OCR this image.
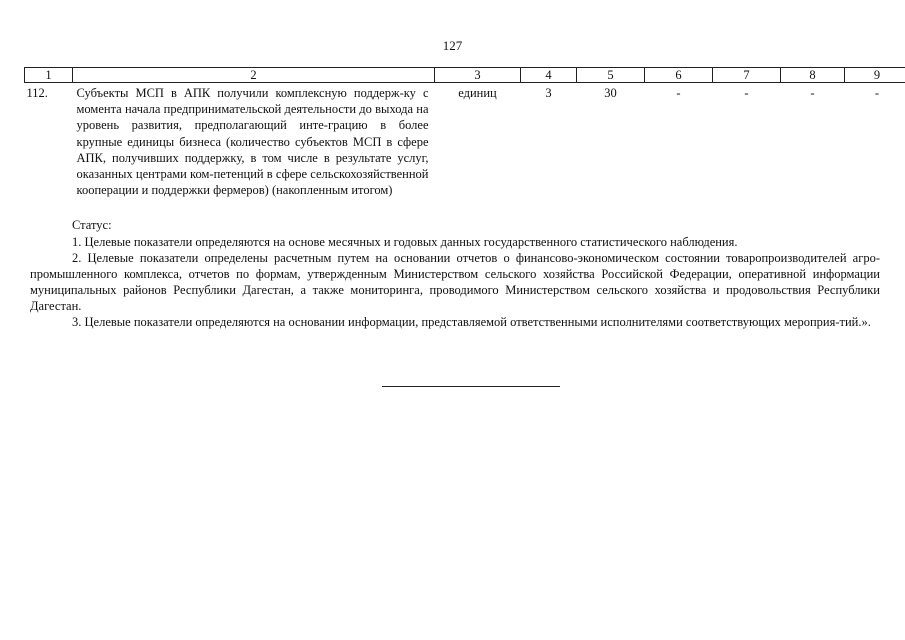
127
1	2	3	4	5	6	7	8	9
112.	Субъекты МСП в АПК получили комплексную поддерж-ку с момента начала предпринимательской деятельности до выхода на уровень развития, предполагающий инте-грацию в более крупные единицы бизнеса (количество субъектов МСП в сфере АПК, получивших поддержку, в том числе в результате услуг, оказанных центрами ком-петенций в сфере сельскохозяйственной кооперации и поддержки фермеров) (накопленным итогом)	единиц	3	30	-	-	-	-

Статус:

1. Целевые показатели определяются на основе месячных и годовых данных государственного статистического наблюдения.

2. Целевые показатели определены расчетным путем на основании отчетов о финансово-экономическом состоянии товаропроизводителей агро-промышленного комплекса, отчетов по формам, утвержденным Министерством сельского хозяйства Российской Федерации, оперативной информации муниципальных районов Республики Дагестан, а также мониторинга, проводимого Министерством сельского хозяйства и продовольствия Республики Дагестан.

3. Целевые показатели определяются на основании информации, представляемой ответственными исполнителями соответствующих мероприя-тий.».
